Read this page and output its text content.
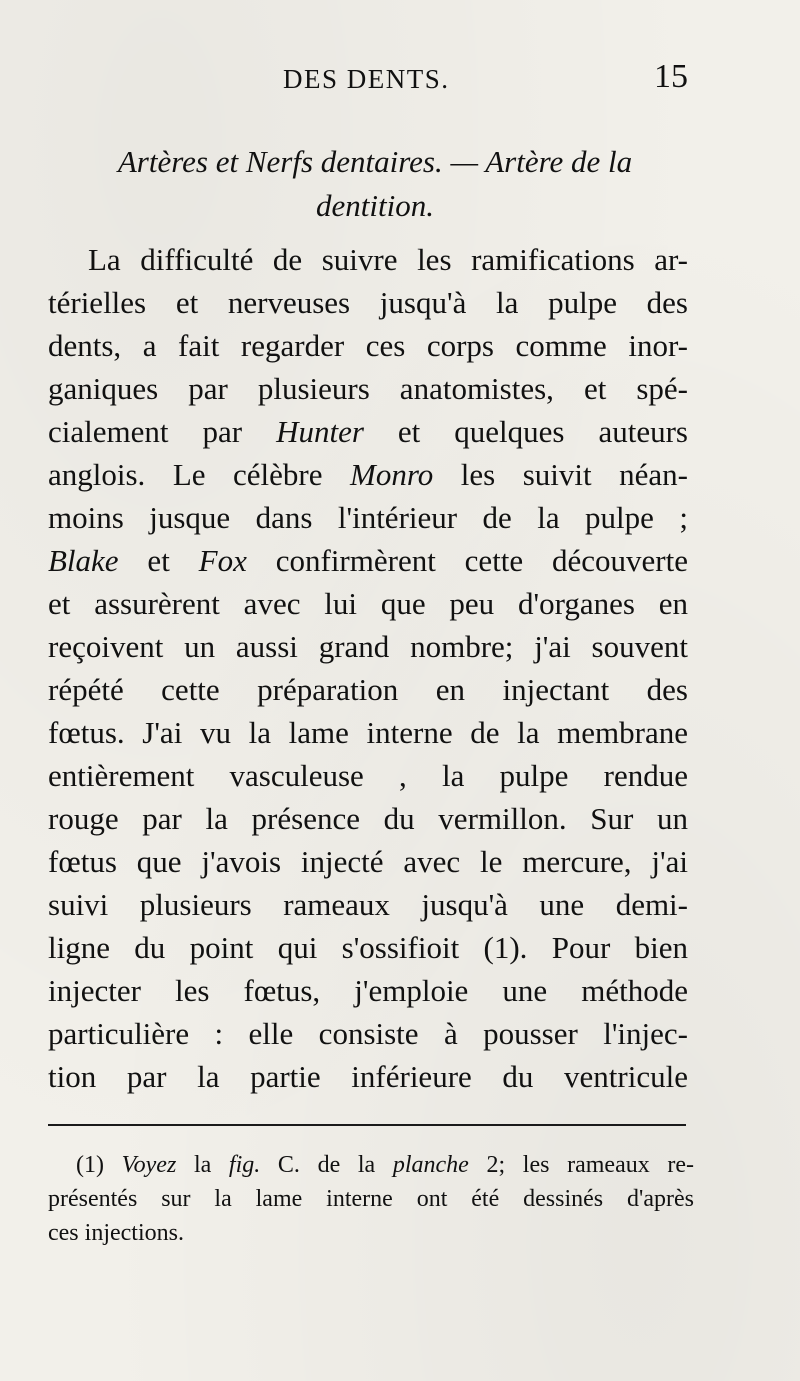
DES DENTS.	15
Artères et Nerfs dentaires. — Artère de la
dentition.
La difficulté de suivre les ramifications ar-
térielles et nerveuses jusqu'à la pulpe des
dents, a fait regarder ces corps comme inor-
ganiques par plusieurs anatomistes, et spé-
cialement par Hunter et quelques auteurs
anglois. Le célèbre Monro les suivit néan-
moins jusque dans l'intérieur de la pulpe ;
Blake et Fox confirmèrent cette découverte
et assurèrent avec lui que peu d'organes en
reçoivent un aussi grand nombre; j'ai souvent
répété cette préparation en injectant des
fœtus. J'ai vu la lame interne de la membrane
entièrement vasculeuse , la pulpe rendue
rouge par la présence du vermillon. Sur un
fœtus que j'avois injecté avec le mercure, j'ai
suivi plusieurs rameaux jusqu'à une demi-
ligne du point qui s'ossifioit (1). Pour bien
injecter les fœtus, j'emploie une méthode
particulière : elle consiste à pousser l'injec-
tion par la partie inférieure du ventricule
(1) Voyez la fig. C. de la planche 2; les rameaux re-
présentés sur la lame interne ont été dessinés d'après
ces injections.
